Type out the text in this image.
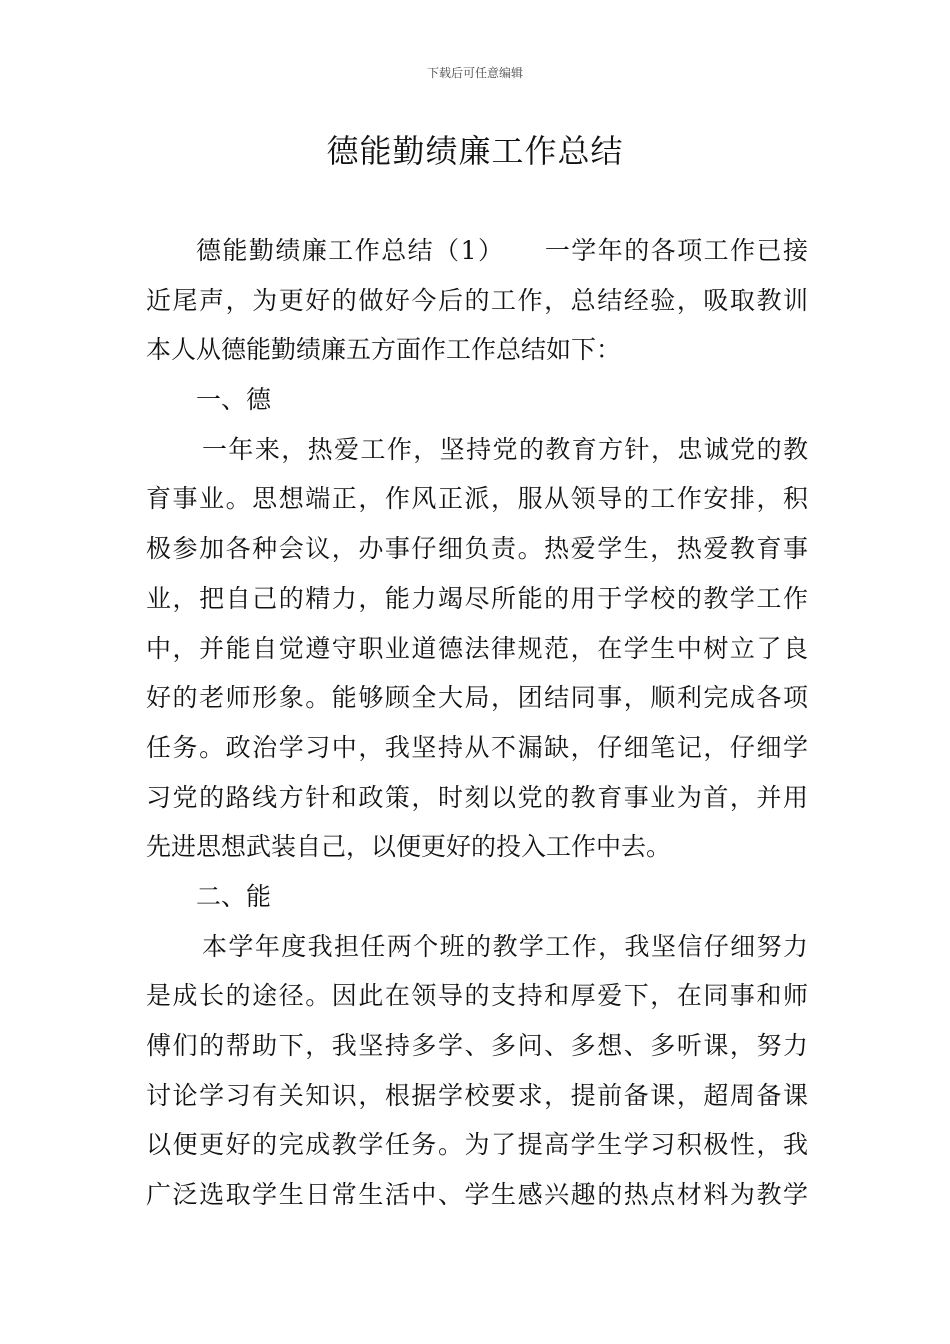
下载后可任意编辑
德能勤绩廉工作总结
德能勤绩廉工作总结（1）　　一学年的各项工作已接
近尾声，为更好的做好今后的工作，总结经验，吸取教训
本人从德能勤绩廉五方面作工作总结如下：
一、德
一年来，热爱工作，坚持党的教育方针，忠诚党的教
育事业。思想端正，作风正派，服从领导的工作安排，积
极参加各种会议，办事仔细负责。热爱学生，热爱教育事
业，把自己的精力，能力竭尽所能的用于学校的教学工作
中，并能自觉遵守职业道德法律规范，在学生中树立了良
好的老师形象。能够顾全大局，团结同事，顺利完成各项
任务。政治学习中，我坚持从不漏缺，仔细笔记，仔细学
习党的路线方针和政策，时刻以党的教育事业为首，并用
先进思想武装自己，以便更好的投入工作中去。
二、能
本学年度我担任两个班的教学工作，我坚信仔细努力
是成长的途径。因此在领导的支持和厚爱下，在同事和师
傅们的帮助下，我坚持多学、多问、多想、多听课，努力
讨论学习有关知识，根据学校要求，提前备课，超周备课
以便更好的完成教学任务。为了提高学生学习积极性，我
广泛选取学生日常生活中、学生感兴趣的热点材料为教学
